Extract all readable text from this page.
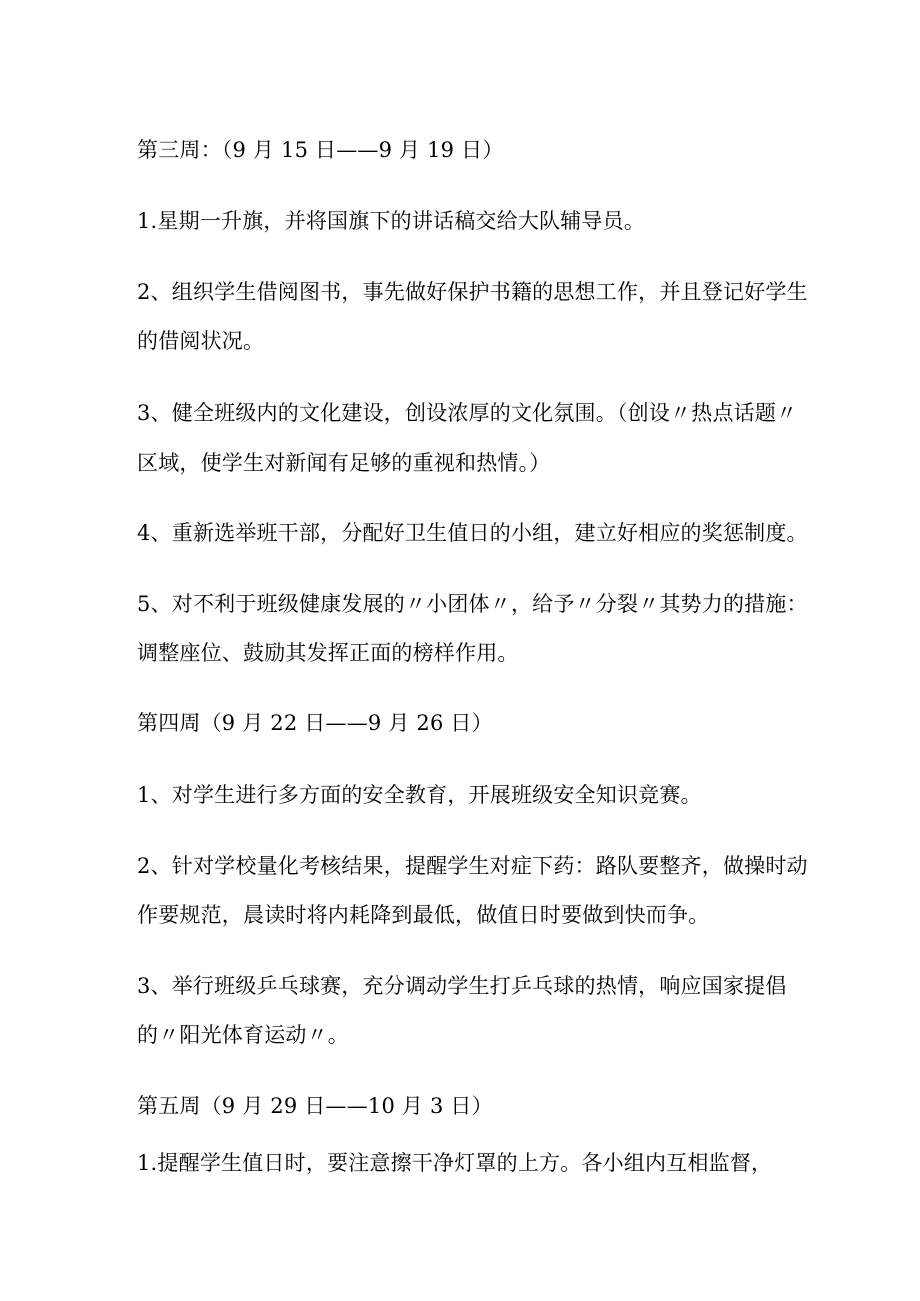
第三周：（9 月 15 日——9 月 19 日）
1.星期一升旗，并将国旗下的讲话稿交给大队辅导员。
2、组织学生借阅图书，事先做好保护书籍的思想工作，并且登记好学生
的借阅状况。
3、健全班级内的文化建设，创设浓厚的文化氛围。（创设〃热点话题〃
区域，使学生对新闻有足够的重视和热情。）
4、重新选举班干部，分配好卫生值日的小组，建立好相应的奖惩制度。
5、对不利于班级健康发展的〃小团体〃，给予〃分裂〃其势力的措施：
调整座位、鼓励其发挥正面的榜样作用。
第四周（9 月 22 日——9 月 26 日）
1、对学生进行多方面的安全教育，开展班级安全知识竞赛。
2、针对学校量化考核结果，提醒学生对症下药：路队要整齐，做操时动
作要规范，晨读时将内耗降到最低，做值日时要做到快而争。
3、举行班级乒乓球赛，充分调动学生打乒乓球的热情，响应国家提倡
的〃阳光体育运动〃。
第五周（9 月 29 日——10 月 3 日）
1.提醒学生值日时，要注意擦干净灯罩的上方。各小组内互相监督，
